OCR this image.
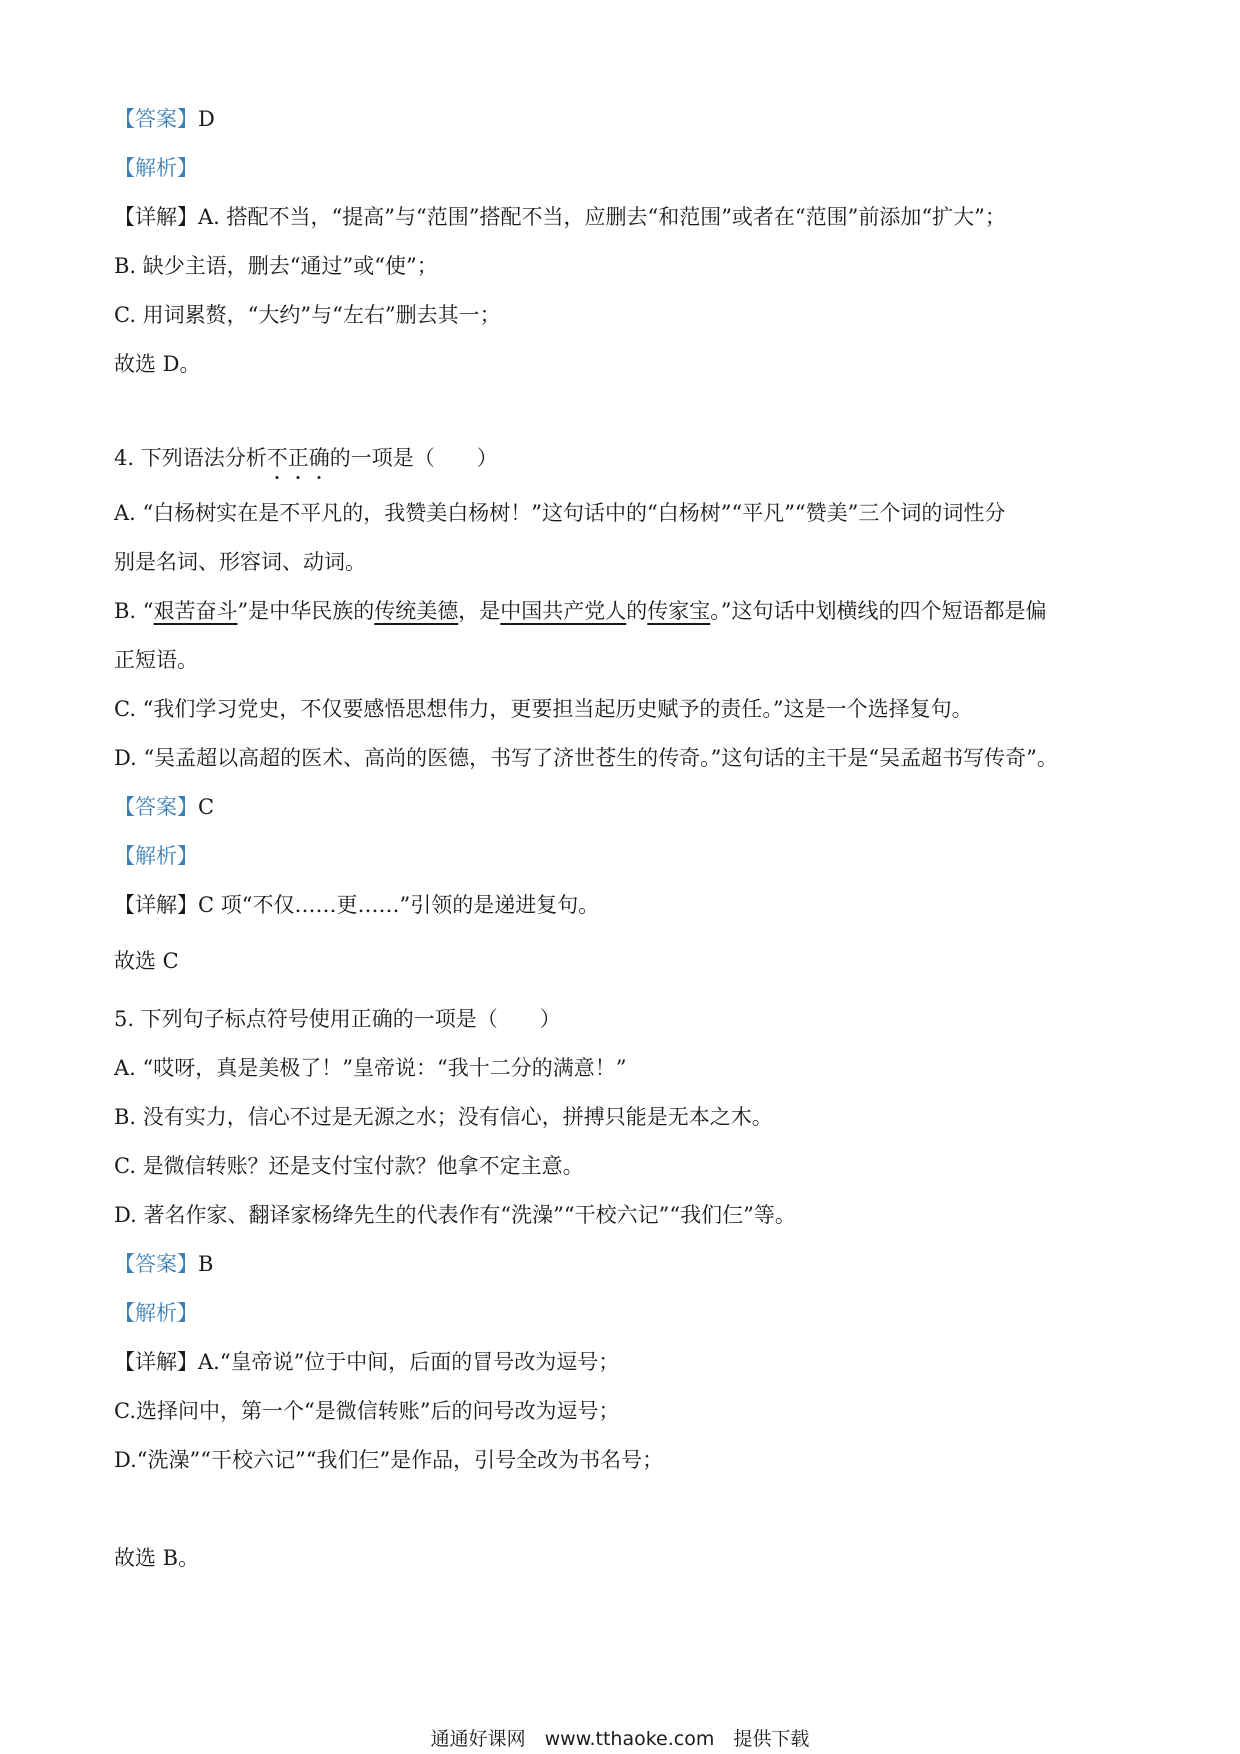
【答案】D
【解析】
【详解】A. 搭配不当，“提高”与“范围”搭配不当，应删去“和范围”或者在“范围”前添加“扩大”；
B. 缺少主语，删去“通过”或“使”；
C. 用词累赘，“大约”与“左右”删去其一；
故选 D。
4. 下列语法分析不正确的一项是（　　）
A. “白杨树实在是不平凡的，我赞美白杨树！”这句话中的“白杨树”“平凡”“赞美”三个词的词性分
别是名词、形容词、动词。
B. “艰苦奋斗”是中华民族的传统美德，是中国共产党人的传家宝。”这句话中划横线的四个短语都是偏
正短语。
C. “我们学习党史，不仅要感悟思想伟力，更要担当起历史赋予的责任。”这是一个选择复句。
D. “吴孟超以高超的医术、高尚的医德，书写了济世苍生的传奇。”这句话的主干是“吴孟超书写传奇”。
【答案】C
【解析】
【详解】C 项“不仅……更……”引领的是递进复句。
故选 C
5. 下列句子标点符号使用正确的一项是（　　）
A. “哎呀，真是美极了！”皇帝说：“我十二分的满意！”
B. 没有实力，信心不过是无源之水；没有信心，拼搏只能是无本之木。
C. 是微信转账？还是支付宝付款？他拿不定主意。
D. 著名作家、翻译家杨绛先生的代表作有“洗澡”“干校六记”“我们仨”等。
【答案】B
【解析】
【详解】A.“皇帝说”位于中间，后面的冒号改为逗号；
C.选择问中，第一个“是微信转账”后的问号改为逗号；
D.“洗澡”“干校六记”“我们仨”是作品，引号全改为书名号；
故选 B。
通通好课网　www.tthaoke.com　提供下载
